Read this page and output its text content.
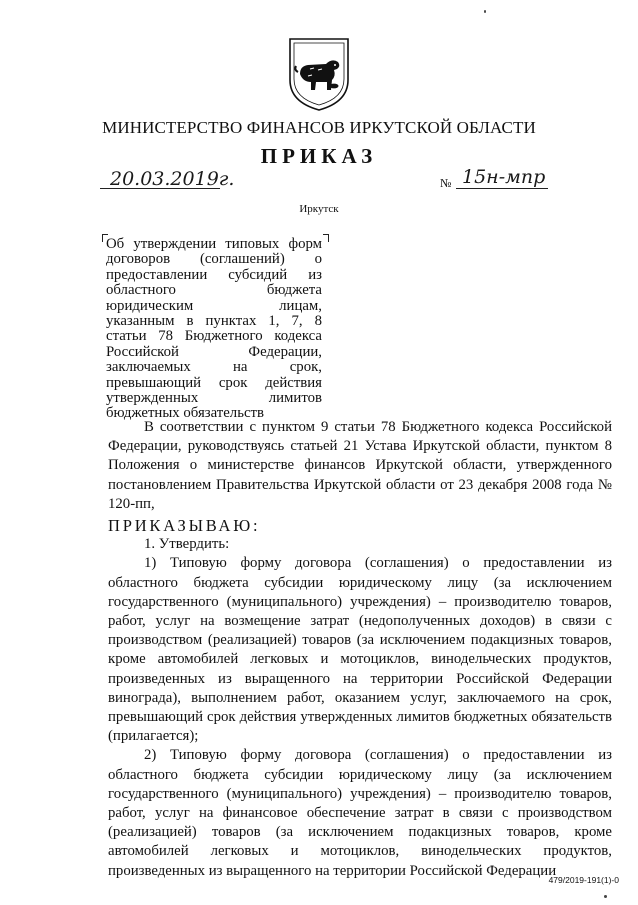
МИНИСТЕРСТВО ФИНАНСОВ ИРКУТСКОЙ ОБЛАСТИ
ПРИКАЗ
20.03.2019г.	№ 15н-мпр
Иркутск
Об утверждении типовых форм
договоров (соглашений) о
предоставлении субсидий из
областного бюджета
юридическим лицам,
указанным в пунктах 1, 7, 8
статьи 78 Бюджетного кодекса
Российской Федерации,
заключаемых на срок,
превышающий срок действия
утвержденных лимитов
бюджетных обязательств

В соответствии с пунктом 9 статьи 78 Бюджетного кодекса Российской Федерации, руководствуясь статьей 21 Устава Иркутской области, пунктом 8 Положения о министерстве финансов Иркутской области, утвержденного постановлением Правительства Иркутской области от 23 декабря 2008 года № 120-пп,

ПРИКАЗЫВАЮ:

1. Утвердить:

1) Типовую форму договора (соглашения) о предоставлении из областного бюджета субсидии юридическому лицу (за исключением государственного (муниципального) учреждения) – производителю товаров, работ, услуг на возмещение затрат (недополученных доходов) в связи с производством (реализацией) товаров (за исключением подакцизных товаров, кроме автомобилей легковых и мотоциклов, винодельческих продуктов, произведенных из выращенного на территории Российской Федерации винограда), выполнением работ, оказанием услуг, заключаемого на срок, превышающий срок действия утвержденных лимитов бюджетных обязательств (прилагается);

2) Типовую форму договора (соглашения) о предоставлении из областного бюджета субсидии юридическому лицу (за исключением государственного (муниципального) учреждения) – производителю товаров, работ, услуг на финансовое обеспечение затрат в связи с производством (реализацией) товаров (за исключением подакцизных товаров, кроме автомобилей легковых и мотоциклов, винодельческих продуктов, произведенных из выращенного на территории Российской Федерации

479/2019-191(1)-0
